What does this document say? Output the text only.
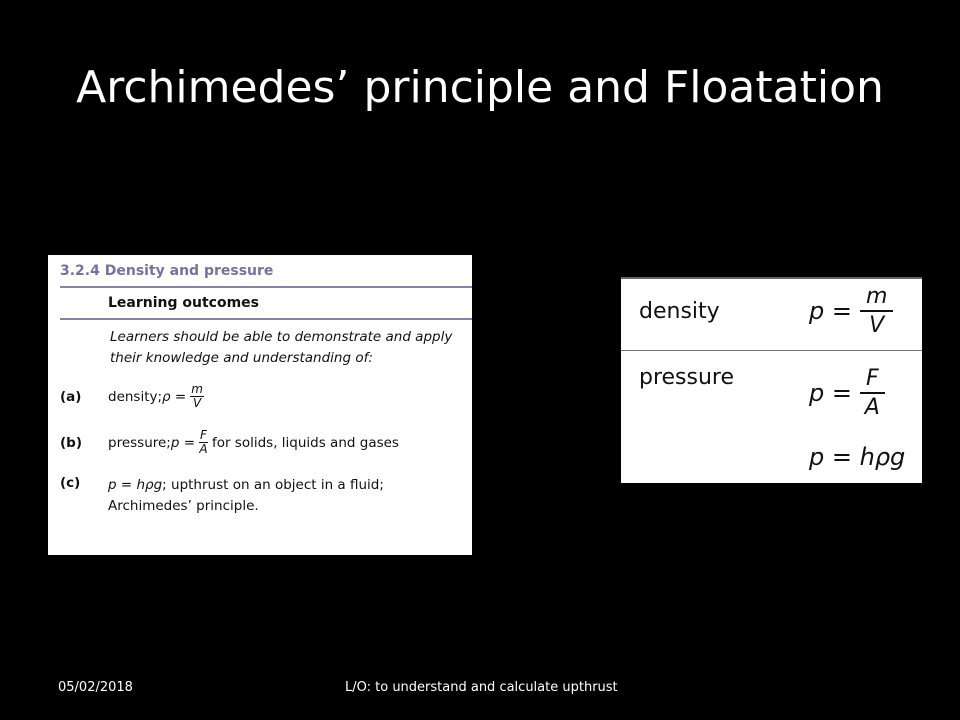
Archimedes’ principle and Floatation
3.2.4 Density and pressure
Learning outcomes
Learners should be able to demonstrate and apply their knowledge and understanding of:
(a)	density; $\rho = \frac{m}{V}$
(b)	pressure; $p = \frac{F}{A}$ for solids, liquids and gases
(c)	p = hρg; upthrust on an object in a fluid;
Archimedes’ principle.
density	$p = \frac{m}{V}$
pressure
$p = \frac{F}{A}$
p = hρg
05/02/2018	L/O: to understand and calculate upthrust
